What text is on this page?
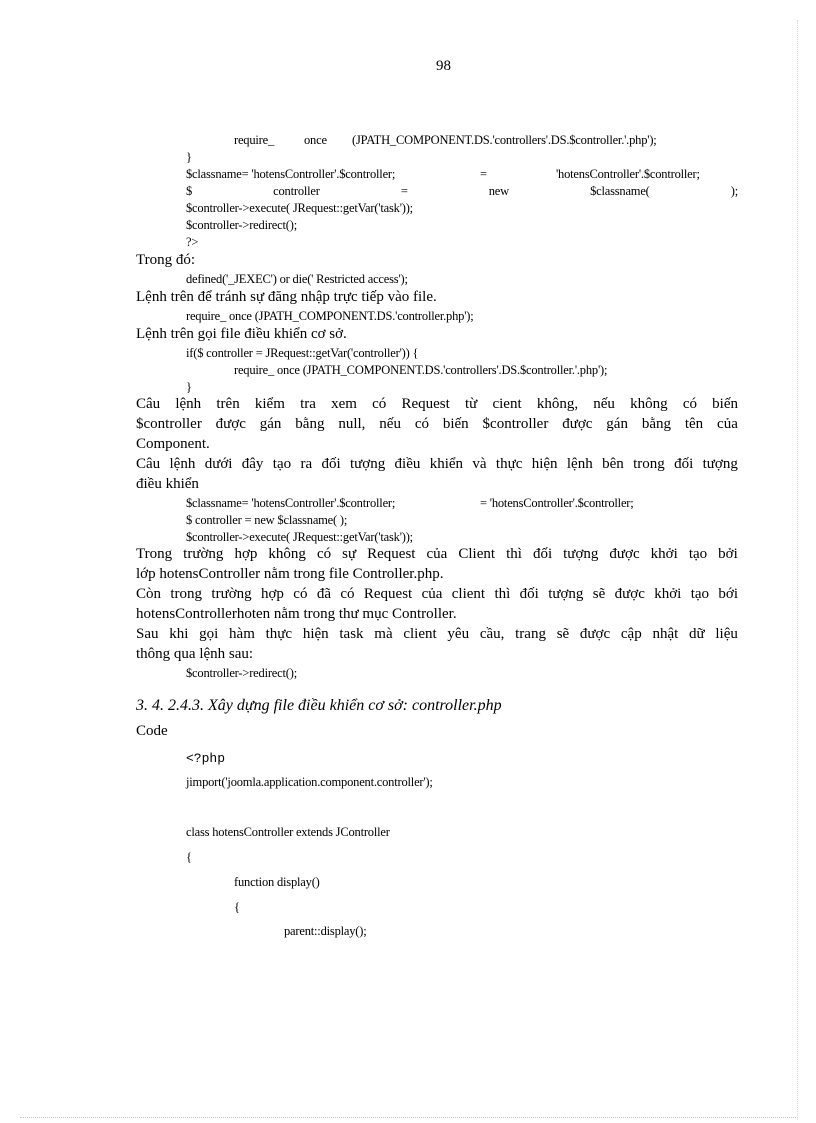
98
require_	once	(JPATH_COMPONENT.DS.'controllers'.DS.$controller.'.php');
}
$classname= 'hotensController'.$controller;	=	'hotensController'.$controller;
$	controller	=	new	$classname(	);
$controller->execute( JRequest::getVar('task'));
$controller->redirect();
?>
Trong đó:
defined('_JEXEC') or die(' Restricted access');
Lệnh trên để tránh sự đăng nhập trực tiếp vào file.
require_ once (JPATH_COMPONENT.DS.'controller.php');
Lệnh trên gọi file điều khiển cơ sở.
if($ controller = JRequest::getVar('controller')) {
require_ once (JPATH_COMPONENT.DS.'controllers'.DS.$controller.'.php');
}
Câu lệnh trên kiểm tra xem có Request từ cient không, nếu không có biến
$controller được gán bằng null, nếu có biến $controller được gán bằng tên của
Component.
Câu lệnh dưới đây tạo ra đối tượng điều khiển và thực hiện lệnh bên trong đối tượng
điều khiển
$classname= 'hotensController'.$controller;	= 'hotensController'.$controller;
$ controller = new $classname( );
$controller->execute( JRequest::getVar('task'));
Trong trường hợp không có sự Request của Client thì đối tượng được khởi tạo bởi
lớp hotensController nằm trong file Controller.php.
Còn trong trường hợp có đã có Request của client thì đối tượng sẽ được khởi tạo bới
hotensControllerhoten nằm trong thư mục Controller.
Sau khi gọi hàm thực hiện task mà client yêu cầu, trang sẽ được cập nhật dữ liệu
thông qua lệnh sau:
$controller->redirect();
3. 4. 2.4.3. Xây dựng file điều khiển cơ sở: controller.php
Code
<?php
jimport('joomla.application.component.controller');
class hotensController extends JController
{
function display()
{
parent::display();
